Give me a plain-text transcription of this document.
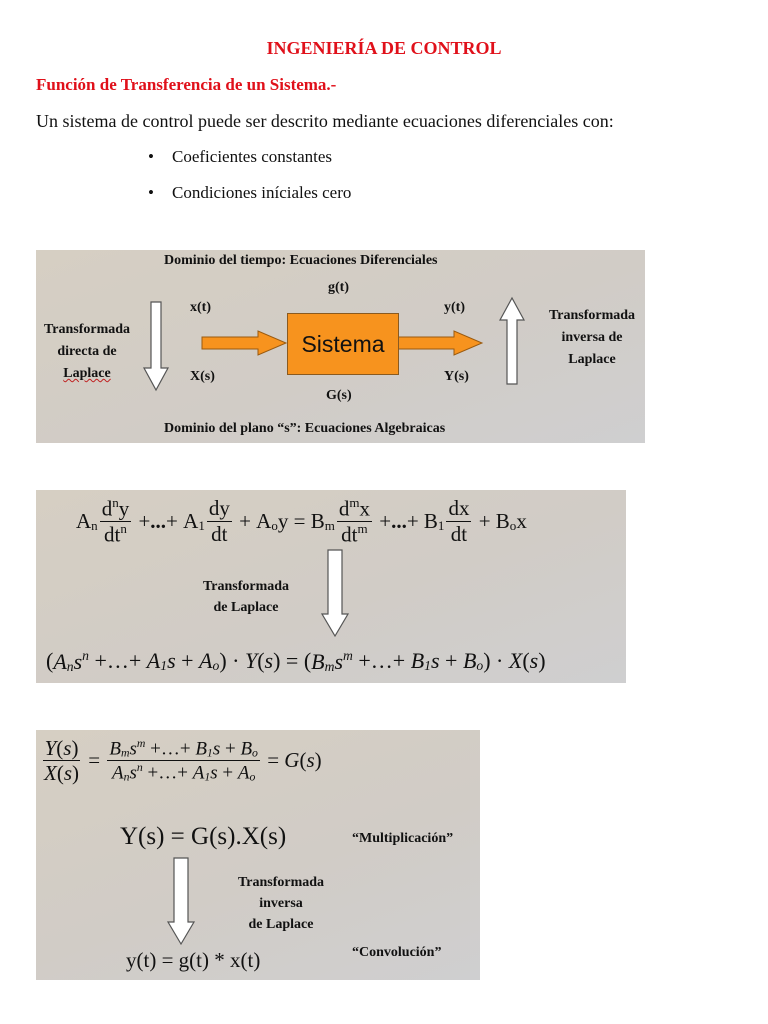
INGENIERÍA DE CONTROL
Función de Transferencia de un Sistema.-
Un sistema de control puede ser descrito mediante ecuaciones diferenciales con:
• Coeficientes constantes
• Condiciones iníciales cero
Dominio del tiempo: Ecuaciones Diferenciales
g(t)
x(t)	y(t)
Transformada
directa de
Laplace
Transformada
inversa de
Laplace
Sistema
X(s)	Y(s)
G(s)
Dominio del plano “s”: Ecuaciones Algebraicas
$A_n \frac{d^ny}{dt^n}$ +...+ $A_1 \frac{dy}{dt} + A_oy = B_m \frac{d^mx}{dt^m}$ +...+ $B_1 \frac{dx}{dt} + B_ox$
Transformada
de Laplace
( $A_ns^n$ +…+ $A_1s + A_o$ ) · Y ( s ) = ( $B_ms^m$ +…+ $B_1s + B_o$ ) · X ( s )
$\frac{Y(s)}{X(s)} = \frac{B_ms^m +\dots+ B_1s + B_o}{A_ns^n +\dots+ A_1s + A_o} = G(s)$
Y(s) = G(s).X(s)	“Multiplicación”
Transformada
inversa
de Laplace
y(t) = g(t) * x(t)	“Convolución”
